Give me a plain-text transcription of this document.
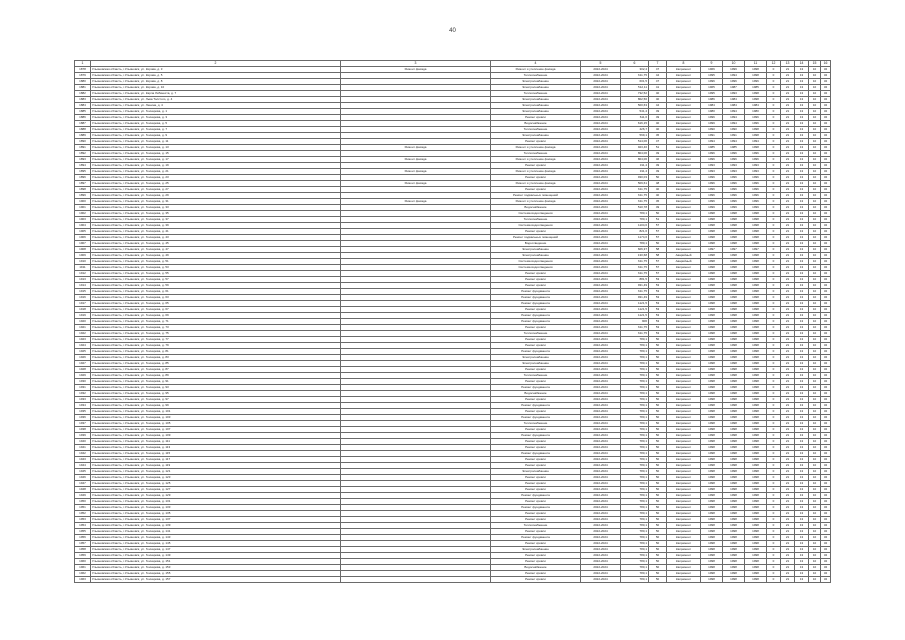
40
1	2	3	4	5	6	7	8	9	10	11	12	13	14	15	16
1878	Ульяновская область, г.Ульяновск, ул. Кирова, д. 3	Ремонт фасада	Ремонт и утепление фасада	2022-2024	302,4	47	Капремонт	1966	1999	1998	0	21	13	10	32
1879	Ульяновская область, г.Ульяновск, ул. Кирова, д. 5		Теплоснабжение	2022-2024	611,75	44	Капремонт	1995	1994	1998	0	21	13	10	32
1880	Ульяновская область, г.Ульяновск, ул. Кирова, д. 8		Электроснабжение	2022-2024	601,5	47	Капремонт	1996	1996	1996	0	21	13	10	32
1881	Ульяновская область, г.Ульяновск, ул. Кирова, д. 10		Электроснабжение	2022-2024	512,11	41	Капремонт	1965	1987	1985	0	21	13	10	32
1882	Ульяновская область, г.Ульяновск, ул. Карла Либкнехта, д. 7		Теплоснабжение	2022-2024	732,52	40	Капремонт	1995	1993	1998	0	21	13	10	32
1883	Ульяновская область, г.Ульяновск, ул. Льва Толстого, д. 4		Электроснабжение	2022-2024	802,56	40	Капремонт	1986	1984	1998	0	21	13	10	32
1884	Ульяновская область, г.Ульяновск, ул. Ленина, д. 4		Электроснабжение	2022-2024	500,63	44	Капремонт	1984	1984	1984	0	21	13	10	32
1885	Ульяновская область, г.Ульяновск, ул. Гончарова, д. 1		Электроснабжение	2022-2024	541,4	49	Капремонт	1980	1994	1980	0	21	13	10	32
1886	Ульяновская область, г.Ульяновск, ул. Гончарова, д. 3		Ремонт кровли	2022-2024	611,6	49	Капремонт	1996	1994	1996	0	21	13	10	32
1887	Ульяновская область, г.Ульяновск, ул. Гончарова, д. 5		Водоснабжение	2022-2024	616,15	40	Капремонт	1999	1994	1996	0	21	13	10	32
1888	Ульяновская область, г.Ульяновск, ул. Гончарова, д. 7		Теплоснабжение	2022-2024	426,7	40	Капремонт	1990	1990	1998	0	21	13	10	32
1889	Ульяновская область, г.Ульяновск, ул. Гончарова, д. 9		Электроснабжение	2022-2024	599,1	45	Капремонт	1991	1991	1998	0	21	13	10	32
1890	Ульяновская область, г.Ульяновск, ул. Гончарова, д. 11		Ремонт кровли	2022-2024	514,06	47	Капремонт	1994	1994	1994	0	21	13	10	32
1891	Ульяновская область, г.Ульяновск, ул. Гончарова, д. 13	Ремонт фасада	Ремонт и утепление фасада	2022-2024	923,46	51	Капремонт	1985	1985	1998	0	21	13	10	32
1892	Ульяновская область, г.Ульяновск, ул. Гончарова, д. 15		Теплоснабжение	2022-2024	804,06	49	Капремонт	1996	1996	1996	0	21	13	10	32
1893	Ульяновская область, г.Ульяновск, ул. Гончарова, д. 17	Ремонт фасада	Ремонт и утепление фасада	2022-2024	804,06	46	Капремонт	1996	1996	1996	0	21	13	10	32
1894	Ульяновская область, г.Ульяновск, ул. Гончарова, д. 19		Ремонт кровли	2022-2024	311,4	49	Капремонт	1993	1993	1993	0	21	13	10	32
1895	Ульяновская область, г.Ульяновск, ул. Гончарова, д. 21	Ремонт фасада	Ремонт и утепление фасада	2022-2024	311,4	49	Капремонт	1993	1993	1993	0	21	13	10	32
1896	Ульяновская область, г.Ульяновск, ул. Гончарова, д. 23		Ремонт кровли	2022-2024	930,03	50	Капремонт	1996	1996	1996	0	21	13	10	32
1897	Ульяновская область, г.Ульяновск, ул. Гончарова, д. 25	Ремонт фасада	Ремонт и утепление фасада	2022-2024	509,61	48	Капремонт	1996	1996	1996	0	21	13	10	32
1898	Ульяновская область, г.Ульяновск, ул. Гончарова, д. 27		Ремонт кровли	2022-2024	611,75	40	Капремонт	1996	1996	1996	0	21	13	10	32
1899	Ульяновская область, г.Ульяновск, ул. Гончарова, д. 29		Ремонт подвальных помещений	2022-2024	611,75	40	Капремонт	1996	1996	1996	0	21	13	10	32
1900	Ульяновская область, г.Ульяновск, ул. Гончарова, д. 31	Ремонт фасада	Ремонт и утепление фасада	2022-2024	611,75	45	Капремонт	1996	1996	1996	0	21	13	10	32
1901	Ульяновская область, г.Ульяновск, ул. Гончарова, д. 33		Водоснабжение	2022-2024	510,78	49	Капремонт	1999	1999	1999	0	21	13	10	32
1902	Ульяновская область, г.Ульяновск, ул. Гончарова, д. 35		Система водоотведения	2022-2024	780,1	50	Капремонт	1998	1998	1998	0	21	13	10	32
1903	Ульяновская область, г.Ульяновск, ул. Гончарова, д. 37		Теплоснабжение	2022-2024	780,1	51	Капремонт	1998	1998	1998	0	21	13	10	32
1904	Ульяновская область, г.Ульяновск, ул. Гончарова, д. 39		Система водоотведения	2022-2024	1104,6	57	Капремонт	1998	1998	1998	0	21	13	10	32
1905	Ульяновская область, г.Ульяновск, ул. Гончарова, д. 41		Ремонт кровли	2022-2024	821,6	57	Капремонт	1998	1998	1998	0	21	13	10	32
1906	Ульяновская область, г.Ульяновск, ул. Гончарова, д. 43		Ремонт подвальных помещений	2022-2024	1174,6	57	Капремонт	1998	1998	1998	0	21	13	10	32
1907	Ульяновская область, г.Ульяновск, ул. Гончарова, д. 45		Водоотведение	2022-2024	780,1	50	Капремонт	1998	1998	1998	0	21	13	10	32
1908	Ульяновская область, г.Ульяновск, ул. Гончарова, д. 47		Электроснабжение	2022-2024	606,37	58	Капремонт	1997	1997	1997	0	21	13	10	32
1909	Ульяновская область, г.Ульяновск, ул. Гончарова, д. 49		Электроснабжение	2022-2024	130,68	58	Аварийный	1998	1998	1998	0	21	13	10	32
1910	Ульяновская область, г.Ульяновск, ул. Гончарова, д. 51		Система водоотведения	2022-2024	611,75	57	Аварийный	1998	1998	1998	0	21	13	10	32
1911	Ульяновская область, г.Ульяновск, ул. Гончарова, д. 53		Система водоотведения	2022-2024	611,75	57	Капремонт	1998	1998	1998	0	21	13	10	32
1912	Ульяновская область, г.Ульяновск, ул. Гончарова, д. 55		Ремонт кровли	2022-2024	611,75	57	Капремонт	1998	1998	1998	0	21	13	10	32
1913	Ульяновская область, г.Ульяновск, ул. Гончарова, д. 57		Ремонт кровли	2022-2024	881,5	53	Капремонт	1998	1998	1998	0	21	13	10	32
1914	Ульяновская область, г.Ульяновск, ул. Гончарова, д. 59		Ремонт кровли	2022-2024	931,49	53	Капремонт	1998	1998	1998	0	21	13	10	32
1915	Ульяновская область, г.Ульяновск, ул. Гончарова, д. 61		Ремонт фундамента	2022-2024	611,75	53	Капремонт	1998	1998	1998	0	21	13	10	32
1916	Ульяновская область, г.Ульяновск, ул. Гончарова, д. 63		Ремонт фундамента	2022-2024	931,49	53	Капремонт	1998	1998	1998	0	21	13	10	32
1917	Ульяновская область, г.Ульяновск, ул. Гончарова, д. 65		Ремонт фундамента	2022-2024	1121,5	53	Капремонт	1998	1998	1998	0	21	13	10	32
1918	Ульяновская область, г.Ульяновск, ул. Гончарова, д. 67		Ремонт кровли	2022-2024	1121,5	53	Капремонт	1998	1998	1998	0	21	13	10	32
1919	Ульяновская область, г.Ульяновск, ул. Гончарова, д. 69		Ремонт фундамента	2022-2024	1121,5	53	Капремонт	1998	1998	1998	0	21	13	10	32
1920	Ульяновская область, г.Ульяновск, ул. Гончарова, д. 71		Ремонт фундамента	2022-2024	906	53	Капремонт	1998	1998	1998	0	21	13	10	32
1921	Ульяновская область, г.Ульяновск, ул. Гончарова, д. 73		Ремонт кровли	2022-2024	611,75	53	Капремонт	1998	1998	1998	0	21	13	10	32
1922	Ульяновская область, г.Ульяновск, ул. Гончарова, д. 75		Теплоснабжение	2022-2024	611,75	53	Капремонт	1998	1998	1998	0	21	13	10	32
1923	Ульяновская область, г.Ульяновск, ул. Гончарова, д. 77		Ремонт кровли	2022-2024	780,1	50	Капремонт	1998	1998	1998	0	21	13	10	32
1924	Ульяновская область, г.Ульяновск, ул. Гончарова, д. 79		Ремонт кровли	2022-2024	780,1	50	Капремонт	1998	1998	1998	0	21	13	10	32
1925	Ульяновская область, г.Ульяновск, ул. Гончарова, д. 81		Ремонт фундамента	2022-2024	780,1	50	Капремонт	1998	1998	1998	0	21	13	10	32
1926	Ульяновская область, г.Ульяновск, ул. Гончарова, д. 83		Электроснабжение	2022-2024	780,1	50	Капремонт	1998	1998	1998	0	21	13	10	32
1927	Ульяновская область, г.Ульяновск, ул. Гончарова, д. 85		Электроснабжение	2022-2024	780,1	50	Капремонт	1998	1998	1998	0	21	13	10	32
1928	Ульяновская область, г.Ульяновск, ул. Гончарова, д. 87		Ремонт кровли	2022-2024	780,1	50	Капремонт	1998	1998	1998	0	21	13	10	32
1929	Ульяновская область, г.Ульяновск, ул. Гончарова, д. 89		Теплоснабжение	2022-2024	780,1	50	Капремонт	1998	1998	1998	0	21	13	10	32
1930	Ульяновская область, г.Ульяновск, ул. Гончарова, д. 91		Ремонт кровли	2022-2024	780,1	50	Капремонт	1998	1998	1998	0	21	13	10	32
1931	Ульяновская область, г.Ульяновск, ул. Гончарова, д. 93		Ремонт фундамента	2022-2024	780,1	50	Капремонт	1998	1998	1998	0	21	13	10	32
1932	Ульяновская область, г.Ульяновск, ул. Гончарова, д. 95		Водоснабжение	2022-2024	780,1	50	Капремонт	1998	1998	1998	0	21	13	10	32
1933	Ульяновская область, г.Ульяновск, ул. Гончарова, д. 97		Ремонт кровли	2022-2024	780,1	50	Капремонт	1998	1998	1998	0	21	13	10	32
1934	Ульяновская область, г.Ульяновск, ул. Гончарова, д. 99		Ремонт фундамента	2022-2024	780,1	50	Капремонт	1998	1998	1998	0	21	13	10	32
1935	Ульяновская область, г.Ульяновск, ул. Гончарова, д. 101		Ремонт кровли	2022-2024	780,1	50	Капремонт	1998	1998	1998	0	21	13	10	32
1936	Ульяновская область, г.Ульяновск, ул. Гончарова, д. 103		Ремонт фундамента	2022-2024	780,1	50	Капремонт	1998	1998	1998	0	21	13	10	32
1937	Ульяновская область, г.Ульяновск, ул. Гончарова, д. 105		Теплоснабжение	2022-2024	780,1	50	Капремонт	1998	1998	1998	0	21	13	10	32
1938	Ульяновская область, г.Ульяновск, ул. Гончарова, д. 107		Ремонт кровли	2022-2024	780,1	50	Капремонт	1998	1998	1998	0	21	13	10	32
1939	Ульяновская область, г.Ульяновск, ул. Гончарова, д. 109		Ремонт фундамента	2022-2024	780,1	50	Капремонт	1998	1998	1998	0	21	13	10	32
1940	Ульяновская область, г.Ульяновск, ул. Гончарова, д. 111		Ремонт кровли	2022-2024	780,1	50	Капремонт	1998	1998	1998	0	21	13	10	32
1941	Ульяновская область, г.Ульяновск, ул. Гончарова, д. 113		Ремонт кровли	2022-2024	780,1	50	Капремонт	1998	1998	1998	0	21	13	10	32
1942	Ульяновская область, г.Ульяновск, ул. Гончарова, д. 115		Ремонт фундамента	2022-2024	780,1	50	Капремонт	1998	1998	1998	0	21	13	10	32
1943	Ульяновская область, г.Ульяновск, ул. Гончарова, д. 117		Ремонт кровли	2022-2024	780,1	50	Капремонт	1998	1998	1998	0	21	13	10	32
1944	Ульяновская область, г.Ульяновск, ул. Гончарова, д. 119		Ремонт кровли	2022-2024	780,1	50	Капремонт	1998	1998	1998	0	21	13	10	32
1945	Ульяновская область, г.Ульяновск, ул. Гончарова, д. 121		Электроснабжение	2022-2024	780,1	50	Капремонт	1998	1998	1998	0	21	13	10	32
1946	Ульяновская область, г.Ульяновск, ул. Гончарова, д. 123		Ремонт кровли	2022-2024	780,1	50	Капремонт	1998	1998	1998	0	21	13	10	32
1947	Ульяновская область, г.Ульяновск, ул. Гончарова, д. 125		Ремонт кровли	2022-2024	780,1	50	Капремонт	1998	1998	1998	0	21	13	10	32
1948	Ульяновская область, г.Ульяновск, ул. Гончарова, д. 127		Ремонт кровли	2022-2024	780,1	50	Капремонт	1998	1998	1998	0	21	13	10	32
1949	Ульяновская область, г.Ульяновск, ул. Гончарова, д. 129		Ремонт фундамента	2022-2024	780,1	50	Капремонт	1998	1998	1998	0	21	13	10	32
1950	Ульяновская область, г.Ульяновск, ул. Гончарова, д. 131		Ремонт кровли	2022-2024	780,1	50	Капремонт	1998	1998	1998	0	21	13	10	32
1951	Ульяновская область, г.Ульяновск, ул. Гончарова, д. 133		Ремонт фундамента	2022-2024	780,1	50	Капремонт	1998	1998	1998	0	21	13	10	32
1952	Ульяновская область, г.Ульяновск, ул. Гончарова, д. 135		Ремонт кровли	2022-2024	780,1	50	Капремонт	1998	1998	1998	0	21	13	10	32
1953	Ульяновская область, г.Ульяновск, ул. Гончарова, д. 137		Ремонт кровли	2022-2024	780,1	50	Капремонт	1998	1998	1998	0	21	13	10	32
1954	Ульяновская область, г.Ульяновск, ул. Гончарова, д. 139		Теплоснабжение	2022-2024	780,1	50	Капремонт	1998	1998	1998	0	21	13	10	32
1955	Ульяновская область, г.Ульяновск, ул. Гончарова, д. 141		Ремонт кровли	2022-2024	780,1	50	Капремонт	1998	1998	1998	0	21	13	10	32
1956	Ульяновская область, г.Ульяновск, ул. Гончарова, д. 143		Ремонт фундамента	2022-2024	780,1	50	Капремонт	1998	1998	1998	0	21	13	10	32
1957	Ульяновская область, г.Ульяновск, ул. Гончарова, д. 145		Ремонт кровли	2022-2024	780,1	50	Капремонт	1998	1998	1998	0	21	13	10	32
1958	Ульяновская область, г.Ульяновск, ул. Гончарова, д. 147		Электроснабжение	2022-2024	780,1	50	Капремонт	1998	1998	1998	0	21	13	10	32
1959	Ульяновская область, г.Ульяновск, ул. Гончарова, д. 149		Ремонт кровли	2022-2024	780,1	50	Капремонт	1998	1998	1998	0	21	13	10	32
1960	Ульяновская область, г.Ульяновск, ул. Гончарова, д. 151		Ремонт кровли	2022-2024	780,1	50	Капремонт	1998	1998	1998	0	21	13	10	32
1961	Ульяновская область, г.Ульяновск, ул. Гончарова, д. 153		Водоснабжение	2022-2024	780,1	50	Капремонт	1998	1998	1998	0	21	13	10	32
1962	Ульяновская область, г.Ульяновск, ул. Гончарова, д. 155		Ремонт кровли	2022-2024	780,1	50	Капремонт	1998	1998	1998	0	21	13	10	32
1963	Ульяновская область, г.Ульяновск, ул. Гончарова, д. 157		Ремонт кровли	2022-2024	780,1	50	Капремонт	1998	1998	1998	0	21	13	10	32
